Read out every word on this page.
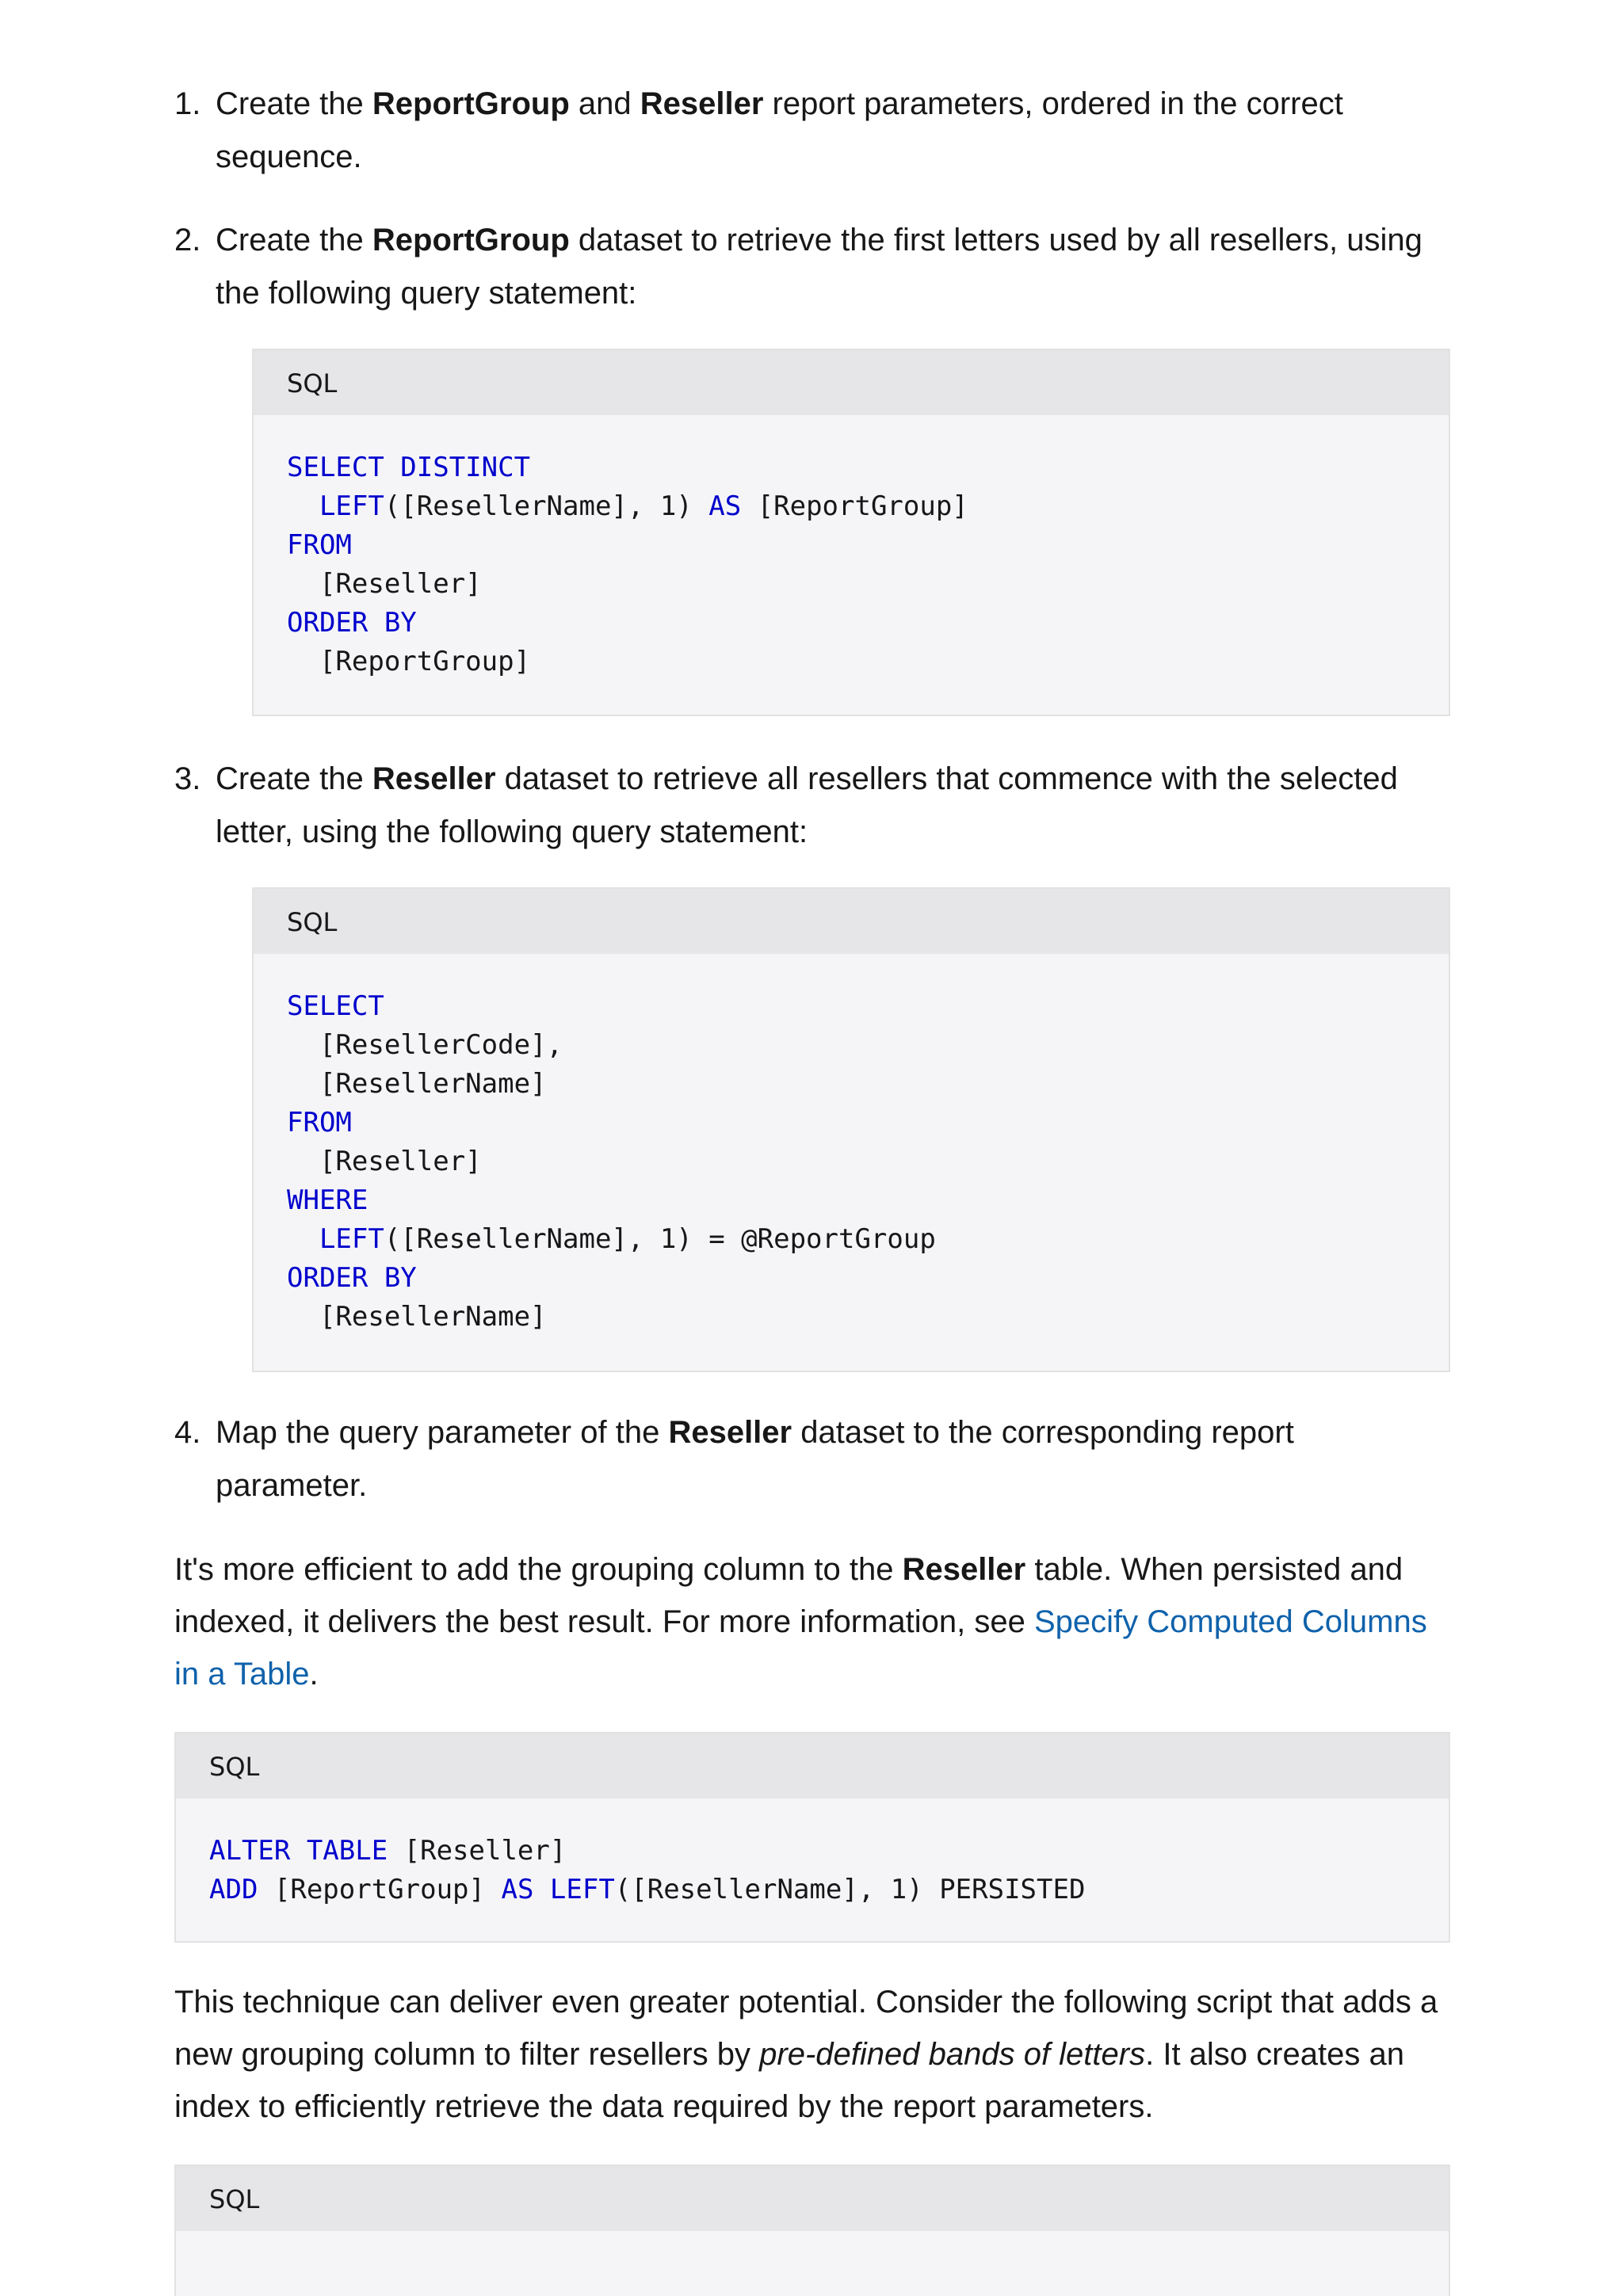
1. Create the ReportGroup and Reseller report parameters, ordered in the correct sequence.
2. Create the ReportGroup dataset to retrieve the first letters used by all resellers, using the following query statement:
SQL
SELECT DISTINCT
LEFT([ResellerName], 1) AS [ReportGroup]
FROM
[Reseller]
ORDER BY
[ReportGroup]
3. Create the Reseller dataset to retrieve all resellers that commence with the selected letter, using the following query statement:
SQL
SELECT
[ResellerCode],
[ResellerName]
FROM
[Reseller]
WHERE
LEFT([ResellerName], 1) = @ReportGroup
ORDER BY
[ResellerName]
4. Map the query parameter of the Reseller dataset to the corresponding report parameter.
It's more efficient to add the grouping column to the Reseller table. When persisted and indexed, it delivers the best result. For more information, see Specify Computed Columns in a Table.
SQL
ALTER TABLE [Reseller]
ADD [ReportGroup] AS LEFT([ResellerName], 1) PERSISTED
This technique can deliver even greater potential. Consider the following script that adds a new grouping column to filter resellers by pre-defined bands of letters. It also creates an index to efficiently retrieve the data required by the report parameters.
SQL
